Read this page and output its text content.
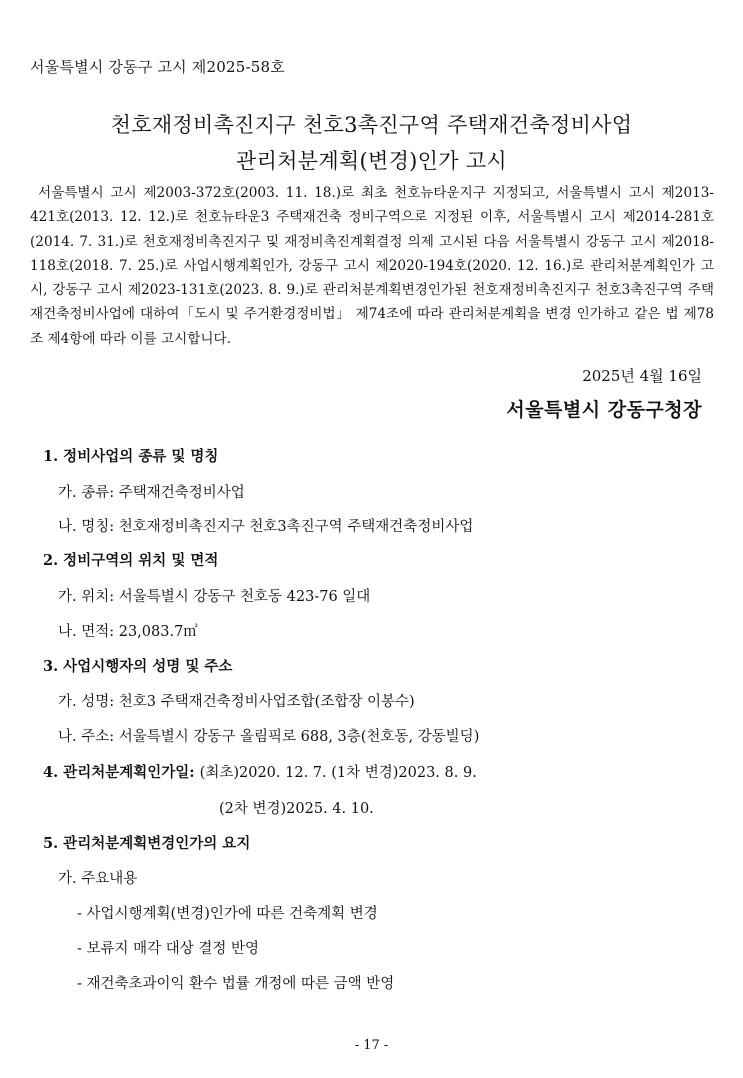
서울특별시 강동구 고시 제2025-58호
천호재정비촉진지구 천호3촉진구역 주택재건축정비사업
관리처분계획(변경)인가 고시

서울특별시 고시 제2003-372호(2003. 11. 18.)로 최초 천호뉴타운지구 지정되고, 서울특별시 고시 제2013-421호(2013. 12. 12.)로 천호뉴타운3 주택재건축 정비구역으로 지정된 이후, 서울특별시 고시 제2014-281호(2014. 7. 31.)로 천호재정비촉진지구 및 재정비촉진계획결정 의제 고시된 다음 서울특별시 강동구 고시 제2018-118호(2018. 7. 25.)로 사업시행계획인가, 강동구 고시 제2020-194호(2020. 12. 16.)로 관리처분계획인가 고시, 강동구 고시 제2023-131호(2023. 8. 9.)로 관리처분계획변경인가된 천호재정비촉진지구 천호3촉진구역 주택재건축정비사업에 대하여「도시 및 주거환경정비법」 제74조에 따라 관리처분계획을 변경 인가하고 같은 법 제78조 제4항에 따라 이를 고시합니다.

2025년 4월 16일
서울특별시 강동구청장
1. 정비사업의 종류 및 명칭
가. 종류: 주택재건축정비사업
나. 명칭: 천호재정비촉진지구 천호3촉진구역 주택재건축정비사업
2. 정비구역의 위치 및 면적
가. 위치: 서울특별시 강동구 천호동 423-76 일대
나. 면적: 23,083.7㎡
3. 사업시행자의 성명 및 주소
가. 성명: 천호3 주택재건축정비사업조합(조합장 이봉수)
나. 주소: 서울특별시 강동구 올림픽로 688, 3층(천호동, 강동빌딩)
4. 관리처분계획인가일: (최초)2020. 12. 7. (1차 변경)2023. 8. 9.
(2차 변경)2025. 4. 10.
5. 관리처분계획변경인가의 요지
가. 주요내용
- 사업시행계획(변경)인가에 따른 건축계획 변경
- 보류지 매각 대상 결정 반영
- 재건축초과이익 환수 법률 개정에 따른 금액 반영
- 17 -
